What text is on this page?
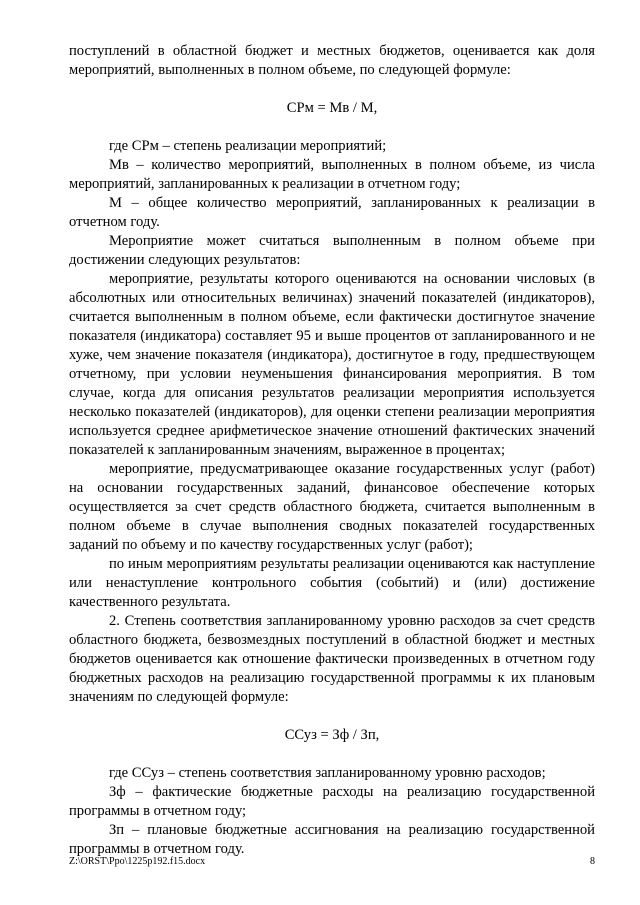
поступлений в областной бюджет и местных бюджетов, оценивается как доля мероприятий, выполненных в полном объеме, по следующей формуле:

СРм = Мв / М,

где СРм – степень реализации мероприятий;

Мв – количество мероприятий, выполненных в полном объеме, из числа мероприятий, запланированных к реализации в отчетном году;

М – общее количество мероприятий, запланированных к реализации в отчетном году.

Мероприятие может считаться выполненным в полном объеме при достижении следующих результатов:

мероприятие, результаты которого оцениваются на основании числовых (в абсолютных или относительных величинах) значений показателей (индикаторов), считается выполненным в полном объеме, если фактически достигнутое значение показателя (индикатора) составляет 95 и выше процентов от запланированного и не хуже, чем значение показателя (индикатора), достигнутое в году, предшествующем отчетному, при условии неуменьшения финансирования мероприятия. В том случае, когда для описания результатов реализации мероприятия используется несколько показателей (индикаторов), для оценки степени реализации мероприятия используется среднее арифметическое значение отношений фактических значений показателей к запланированным значениям, выраженное в процентах;

мероприятие, предусматривающее оказание государственных услуг (работ) на основании государственных заданий, финансовое обеспечение которых осуществляется за счет средств областного бюджета, считается выполненным в полном объеме в случае выполнения сводных показателей государственных заданий по объему и по качеству государственных услуг (работ);

по иным мероприятиям результаты реализации оцениваются как наступление или ненаступление контрольного события (событий) и (или) достижение качественного результата.

2. Степень соответствия запланированному уровню расходов за счет средств областного бюджета, безвозмездных поступлений в областной бюджет и местных бюджетов оценивается как отношение фактически произведенных в отчетном году бюджетных расходов на реализацию государственной программы к их плановым значениям по следующей формуле:

ССуз = Зф / Зп,

где ССуз – степень соответствия запланированному уровню расходов;

Зф – фактические бюджетные расходы на реализацию государственной программы в отчетном году;

Зп – плановые бюджетные ассигнования на реализацию государственной программы в отчетном году.

Z:\ORST\Ppo\1225p192.f15.docx	8
